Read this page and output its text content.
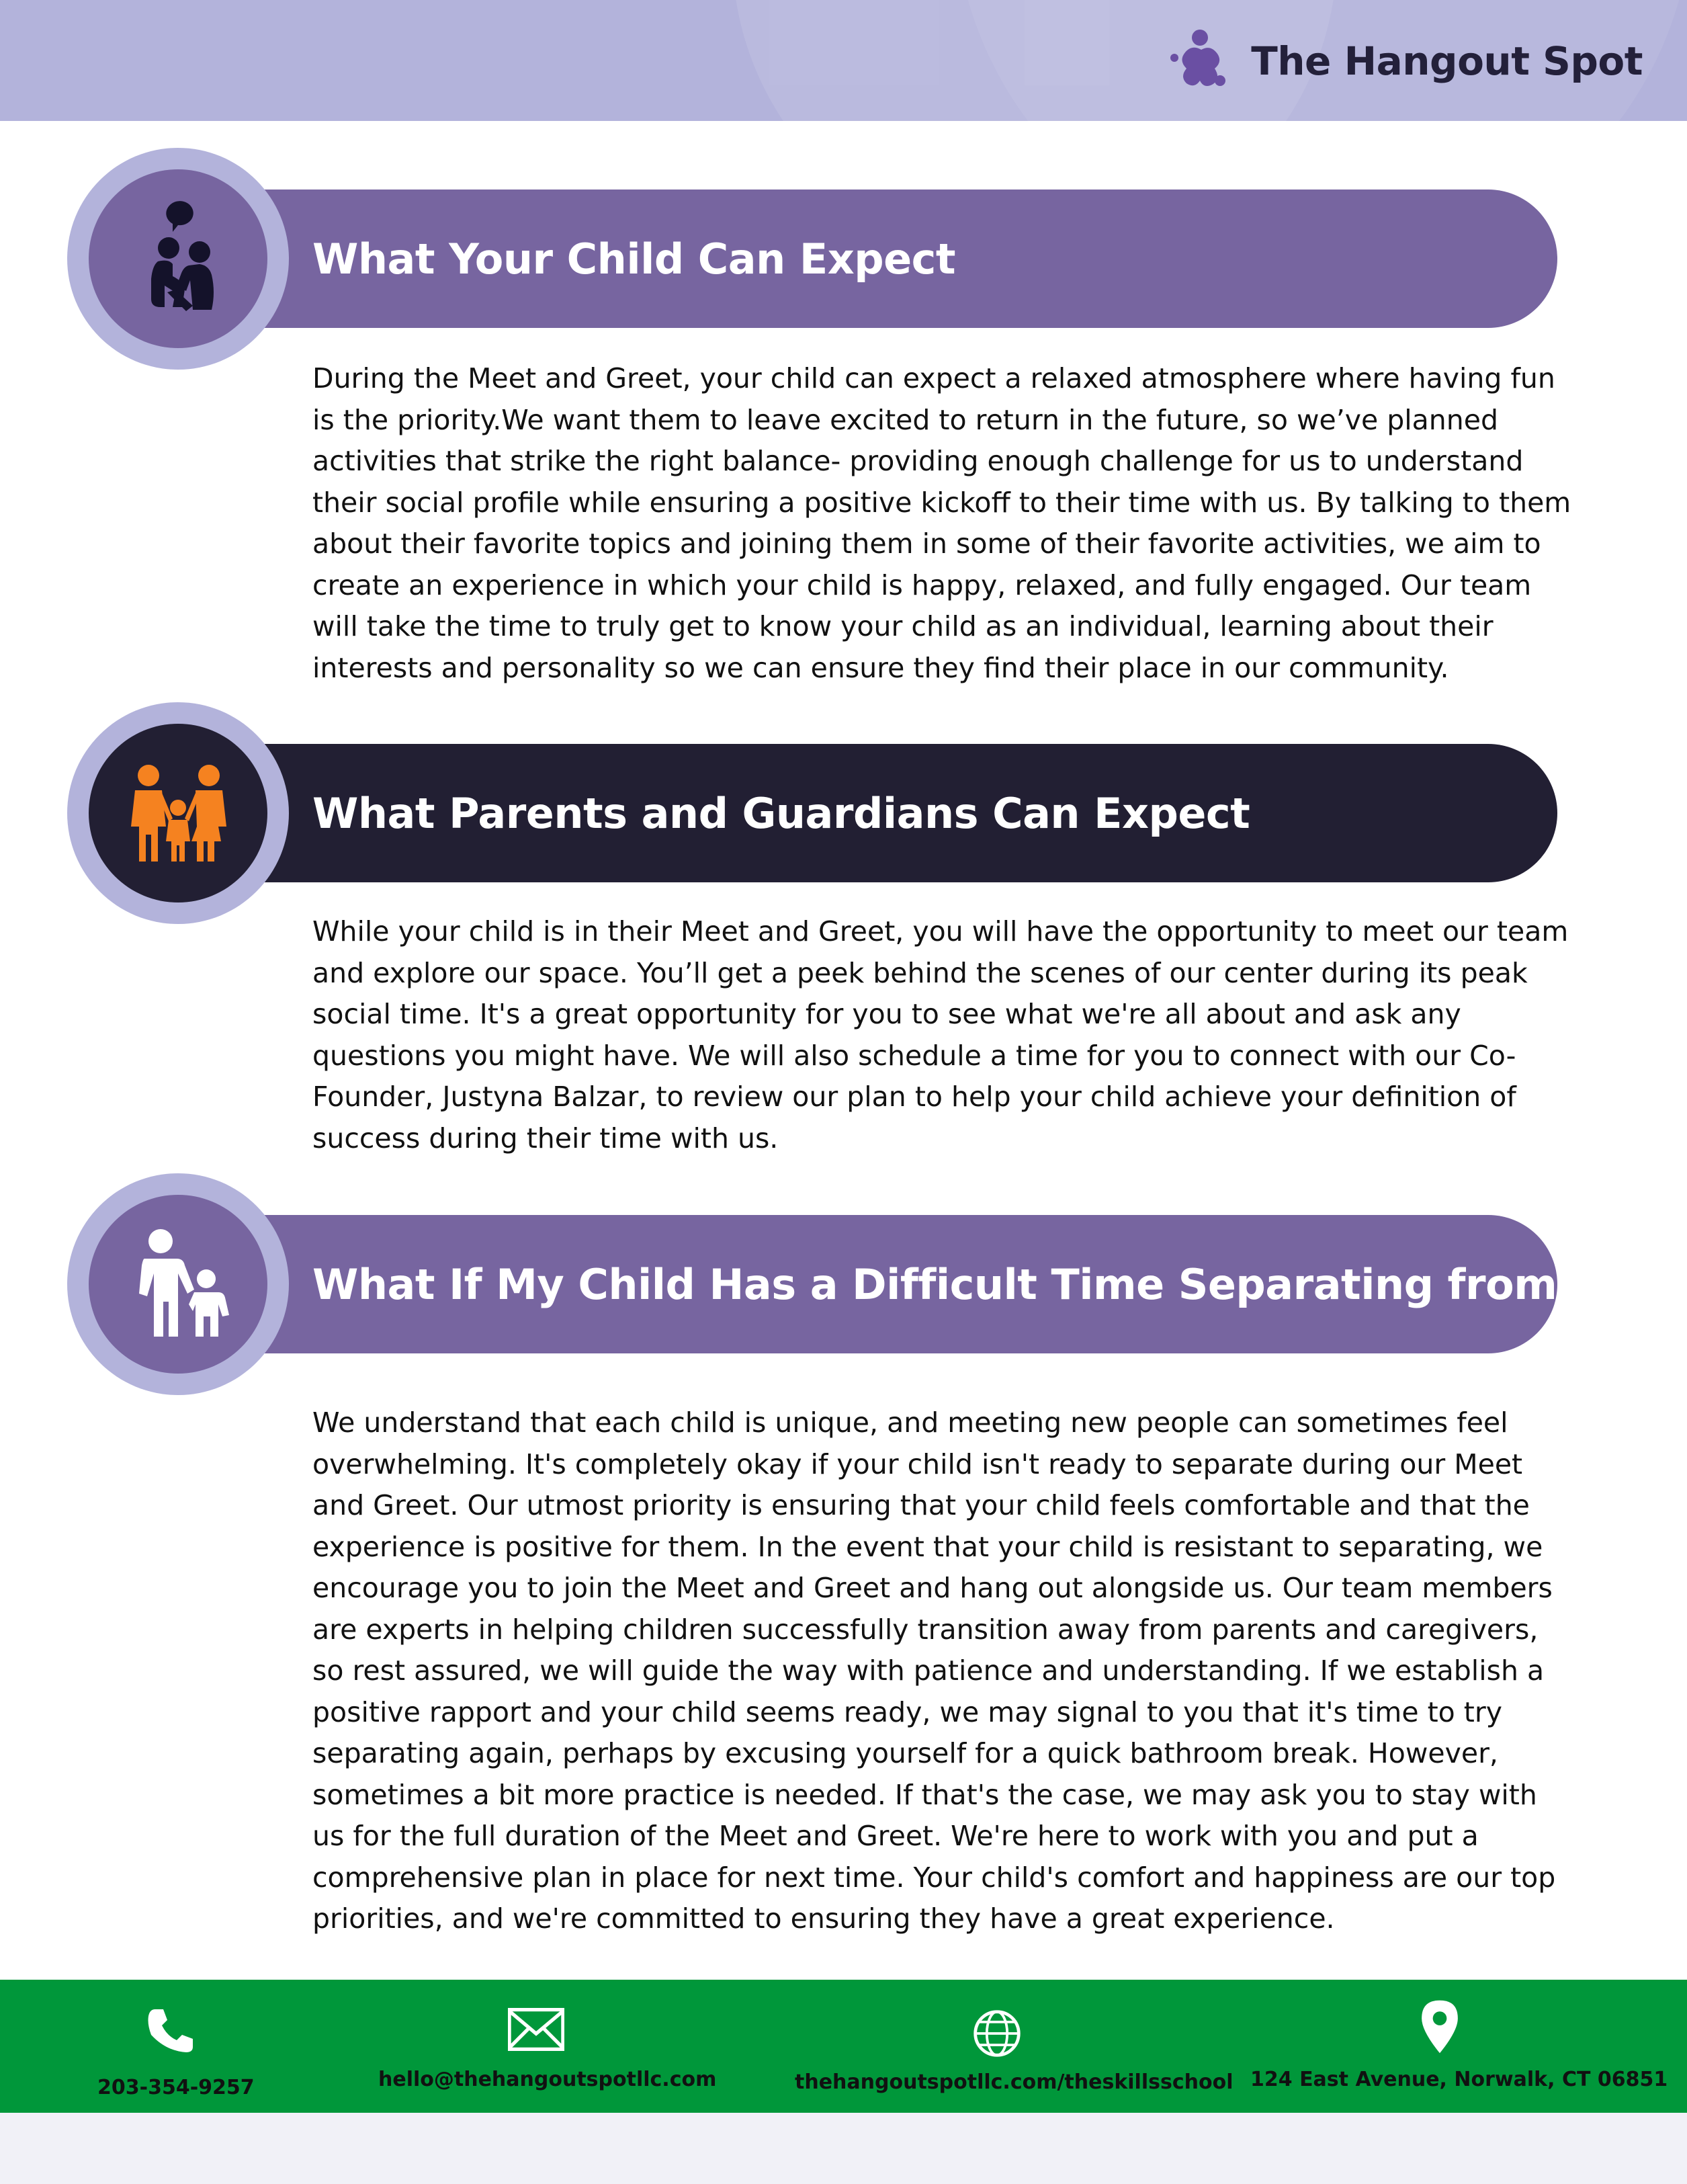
The Hangout Spot
What Your Child Can Expect

During the Meet and Greet, your child can expect a relaxed atmosphere where having fun is the priority.We want them to leave excited to return in the future, so we’ve planned activities that strike the right balance- providing enough challenge for us to understand their social profile while ensuring a positive kickoff to their time with us. By talking to them about their favorite topics and joining them in some of their favorite activities, we aim to create an experience in which your child is happy, relaxed, and fully engaged. Our team will take the time to truly get to know your child as an individual, learning about their interests and personality so we can ensure they find their place in our community.

What Parents and Guardians Can Expect

While your child is in their Meet and Greet, you will have the opportunity to meet our team and explore our space. You’ll get a peek behind the scenes of our center during its peak social time. It's a great opportunity for you to see what we're all about and ask any questions you might have. We will also schedule a time for you to connect with our Co-Founder, Justyna Balzar, to review our plan to help your child achieve your definition of success during their time with us.

What If My Child Has a Difficult Time Separating from Me

We understand that each child is unique, and meeting new people can sometimes feel overwhelming. It's completely okay if your child isn't ready to separate during our Meet and Greet. Our utmost priority is ensuring that your child feels comfortable and that the experience is positive for them. In the event that your child is resistant to separating, we encourage you to join the Meet and Greet and hang out alongside us. Our team members are experts in helping children successfully transition away from parents and caregivers, so rest assured, we will guide the way with patience and understanding. If we establish a positive rapport and your child seems ready, we may signal to you that it's time to try separating again, perhaps by excusing yourself for a quick bathroom break. However, sometimes a bit more practice is needed. If that's the case, we may ask you to stay with us for the full duration of the Meet and Greet. We're here to work with you and put a comprehensive plan in place for next time. Your child's comfort and happiness are our top priorities, and we're committed to ensuring they have a great experience.

203-354-9257	hello@thehangoutspotllc.com	thehangoutspotllc.com/theskillsschool 124 East Avenue, Norwalk, CT 06851
